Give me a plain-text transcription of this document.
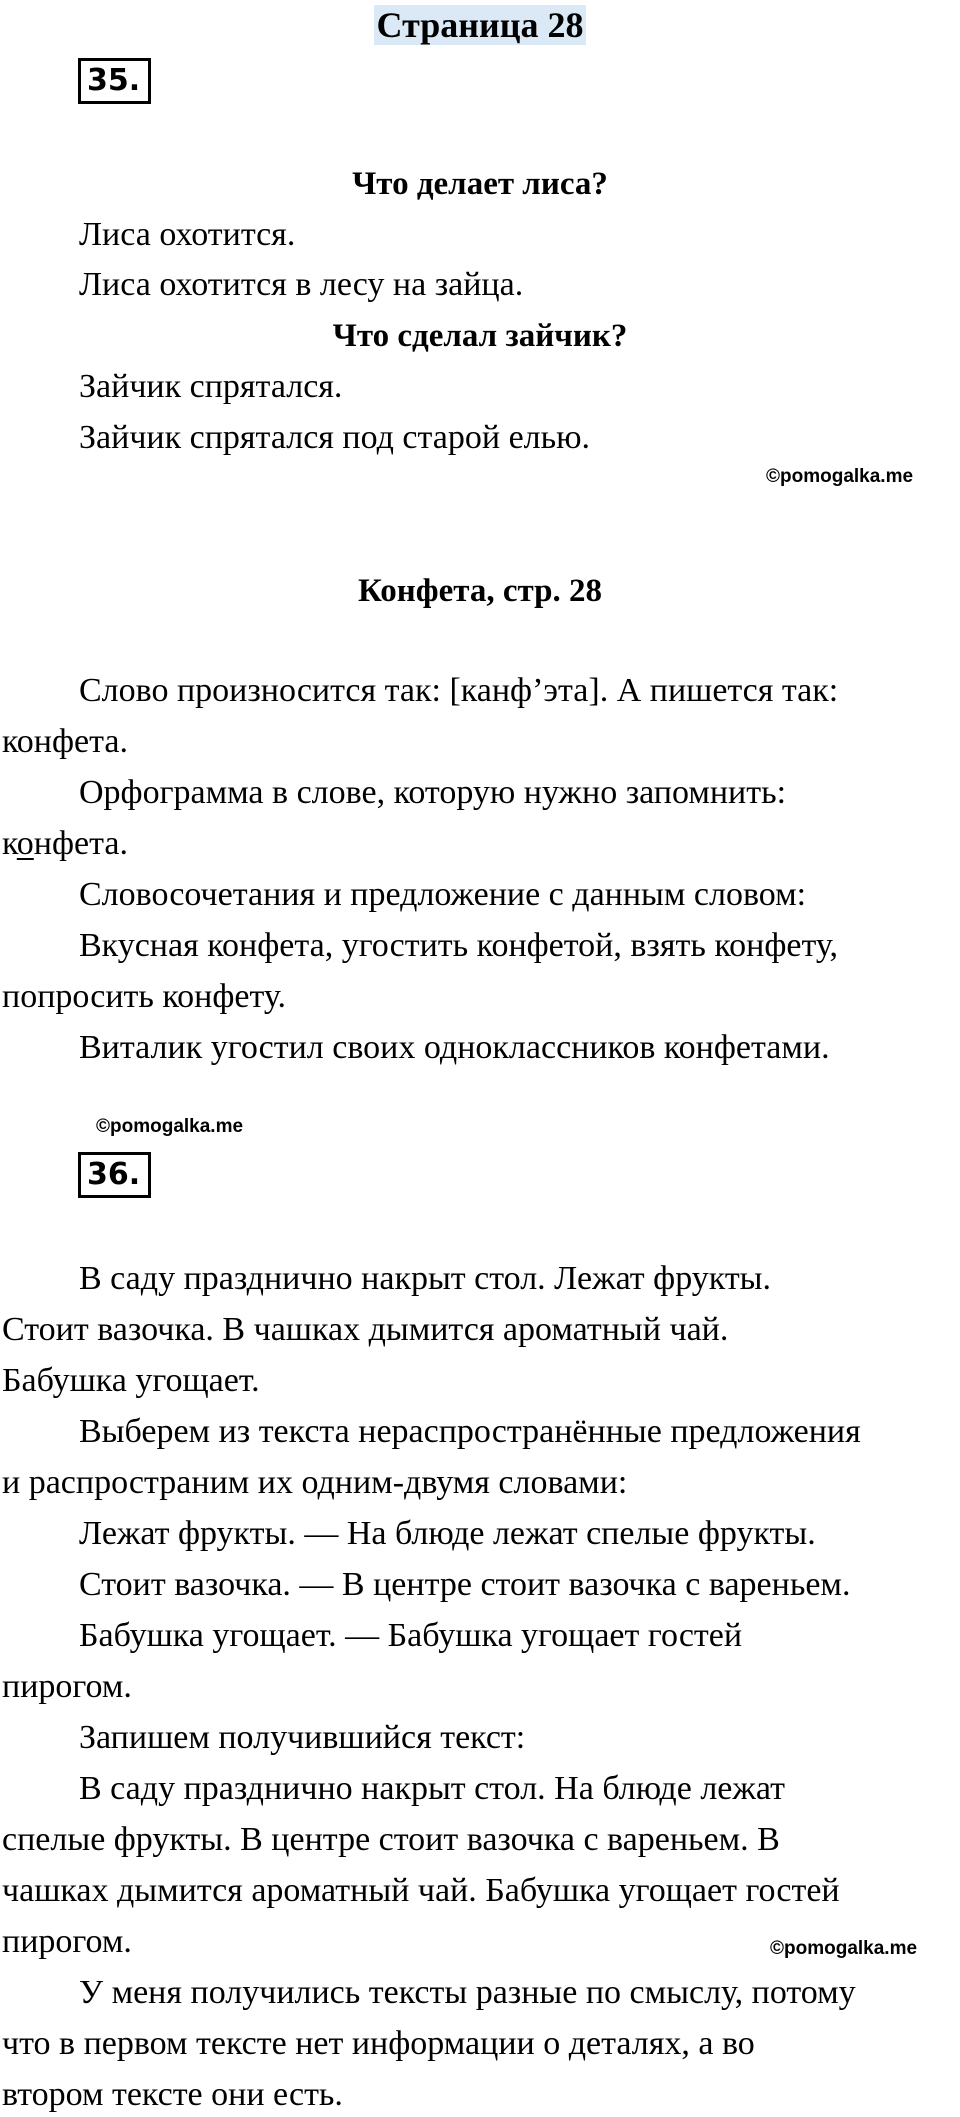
Страница 28
35.
Что делает лиса?
Лиса охотится.
Лиса охотится в лесу на зайца.
Что сделал зайчик?
Зайчик спрятался.
Зайчик спрятался под старой елью.
©pomogalka.me
Конфета, стр. 28
Слово произносится так: [канф’эта]. А пишется так:
конфета.
Орфограмма в слове, которую нужно запомнить:
конфета.
Словосочетания и предложение с данным словом:
Вкусная конфета, угостить конфетой, взять конфету,
попросить конфету.
Виталик угостил своих одноклассников конфетами.
©pomogalka.me
36.
В саду празднично накрыт стол. Лежат фрукты.
Стоит вазочка. В чашках дымится ароматный чай.
Бабушка угощает.
Выберем из текста нераспространённые предложения
и распространим их одним-двумя словами:
Лежат фрукты. — На блюде лежат спелые фрукты.
Стоит вазочка. — В центре стоит вазочка с вареньем.
Бабушка угощает. — Бабушка угощает гостей
пирогом.
Запишем получившийся текст:
В саду празднично накрыт стол. На блюде лежат
спелые фрукты. В центре стоит вазочка с вареньем. В
чашках дымится ароматный чай. Бабушка угощает гостей
пирогом.	©pomogalka.me
У меня получились тексты разные по смыслу, потому
что в первом тексте нет информации о деталях, а во
втором тексте они есть.
